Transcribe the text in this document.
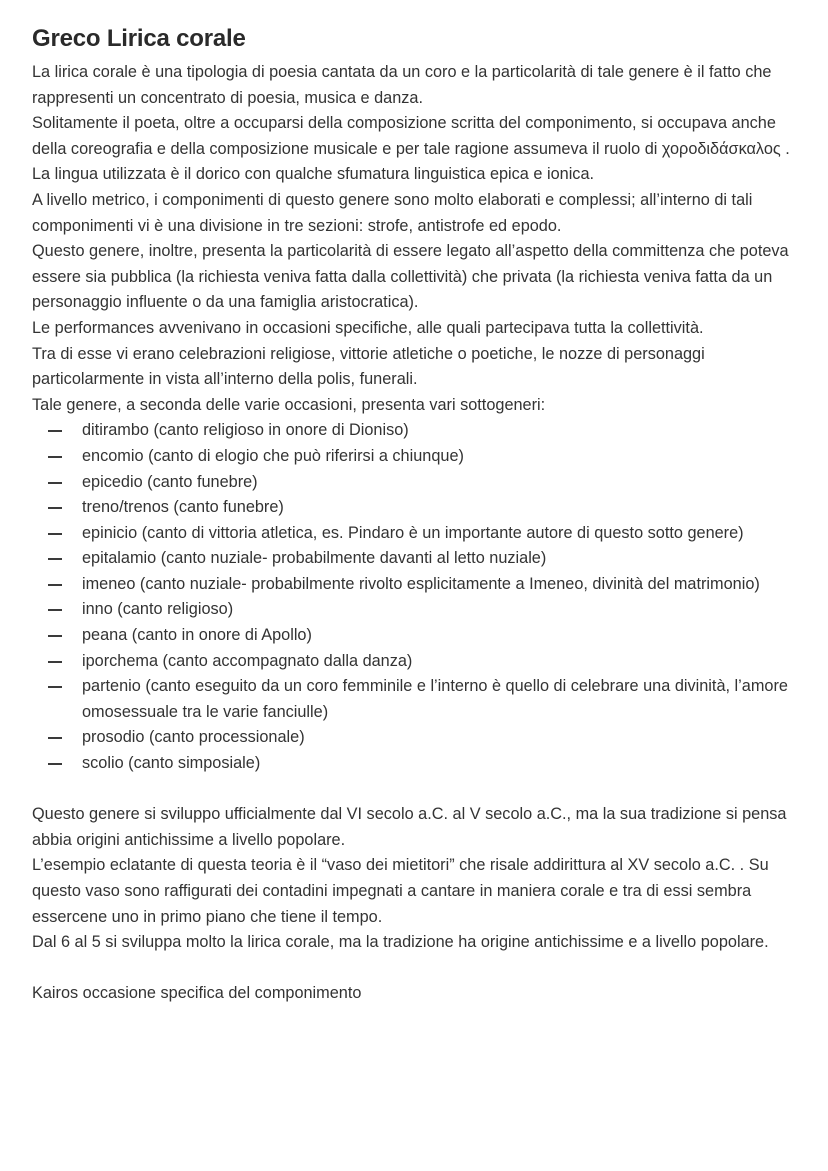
Greco Lirica corale

La lirica corale è una tipologia di poesia cantata da un coro e la particolarità di tale genere è il fatto che rappresenti un concentrato di poesia, musica e danza.

Solitamente il poeta, oltre a occuparsi della composizione scritta del componimento, si occupava anche della coreografia e della composizione musicale e per tale ragione assumeva il ruolo di χοροδιδάσκαλος .

La lingua utilizzata è il dorico con qualche sfumatura linguistica epica e ionica.

A livello metrico, i componimenti di questo genere sono molto elaborati e complessi; all’interno di tali componimenti vi è una divisione in tre sezioni: strofe, antistrofe ed epodo.

Questo genere, inoltre, presenta la particolarità di essere legato all’aspetto della committenza che poteva essere sia pubblica (la richiesta veniva fatta dalla collettività) che privata (la richiesta veniva fatta da un personaggio influente o da una famiglia aristocratica).

Le performances avvenivano in occasioni specifiche, alle quali partecipava tutta la collettività.

Tra di esse vi erano celebrazioni religiose, vittorie atletiche o poetiche, le nozze di personaggi particolarmente in vista all’interno della polis, funerali.

Tale genere, a seconda delle varie occasioni, presenta vari sottogeneri:

ditirambo (canto religioso in onore di Dioniso)
encomio (canto di elogio che può riferirsi a chiunque)
epicedio (canto funebre)
treno/trenos (canto funebre)
epinicio (canto di vittoria atletica, es. Pindaro è un importante autore di questo sotto genere)
epitalamio (canto nuziale- probabilmente davanti al letto nuziale)
imeneo (canto nuziale- probabilmente rivolto esplicitamente a Imeneo, divinità del matrimonio)
inno (canto religioso)
peana (canto in onore di Apollo)
iporchema (canto accompagnato dalla danza)
partenio (canto eseguito da un coro femminile e l’interno è quello di celebrare una divinità, l’amore omosessuale tra le varie fanciulle)
prosodio (canto processionale)
scolio (canto simposiale)

Questo genere si sviluppo ufficialmente dal VI secolo a.C. al V secolo a.C., ma la sua tradizione si pensa abbia origini antichissime a livello popolare.

L’esempio eclatante di questa teoria è il “vaso dei mietitori” che risale addirittura al XV secolo a.C. . Su questo vaso sono raffigurati dei contadini impegnati a cantare in maniera corale e tra di essi sembra essercene uno in primo piano che tiene il tempo.

Dal 6 al 5 si sviluppa molto la lirica corale, ma la tradizione ha origine antichissime e a livello popolare.

Kairos occasione specifica del componimento
